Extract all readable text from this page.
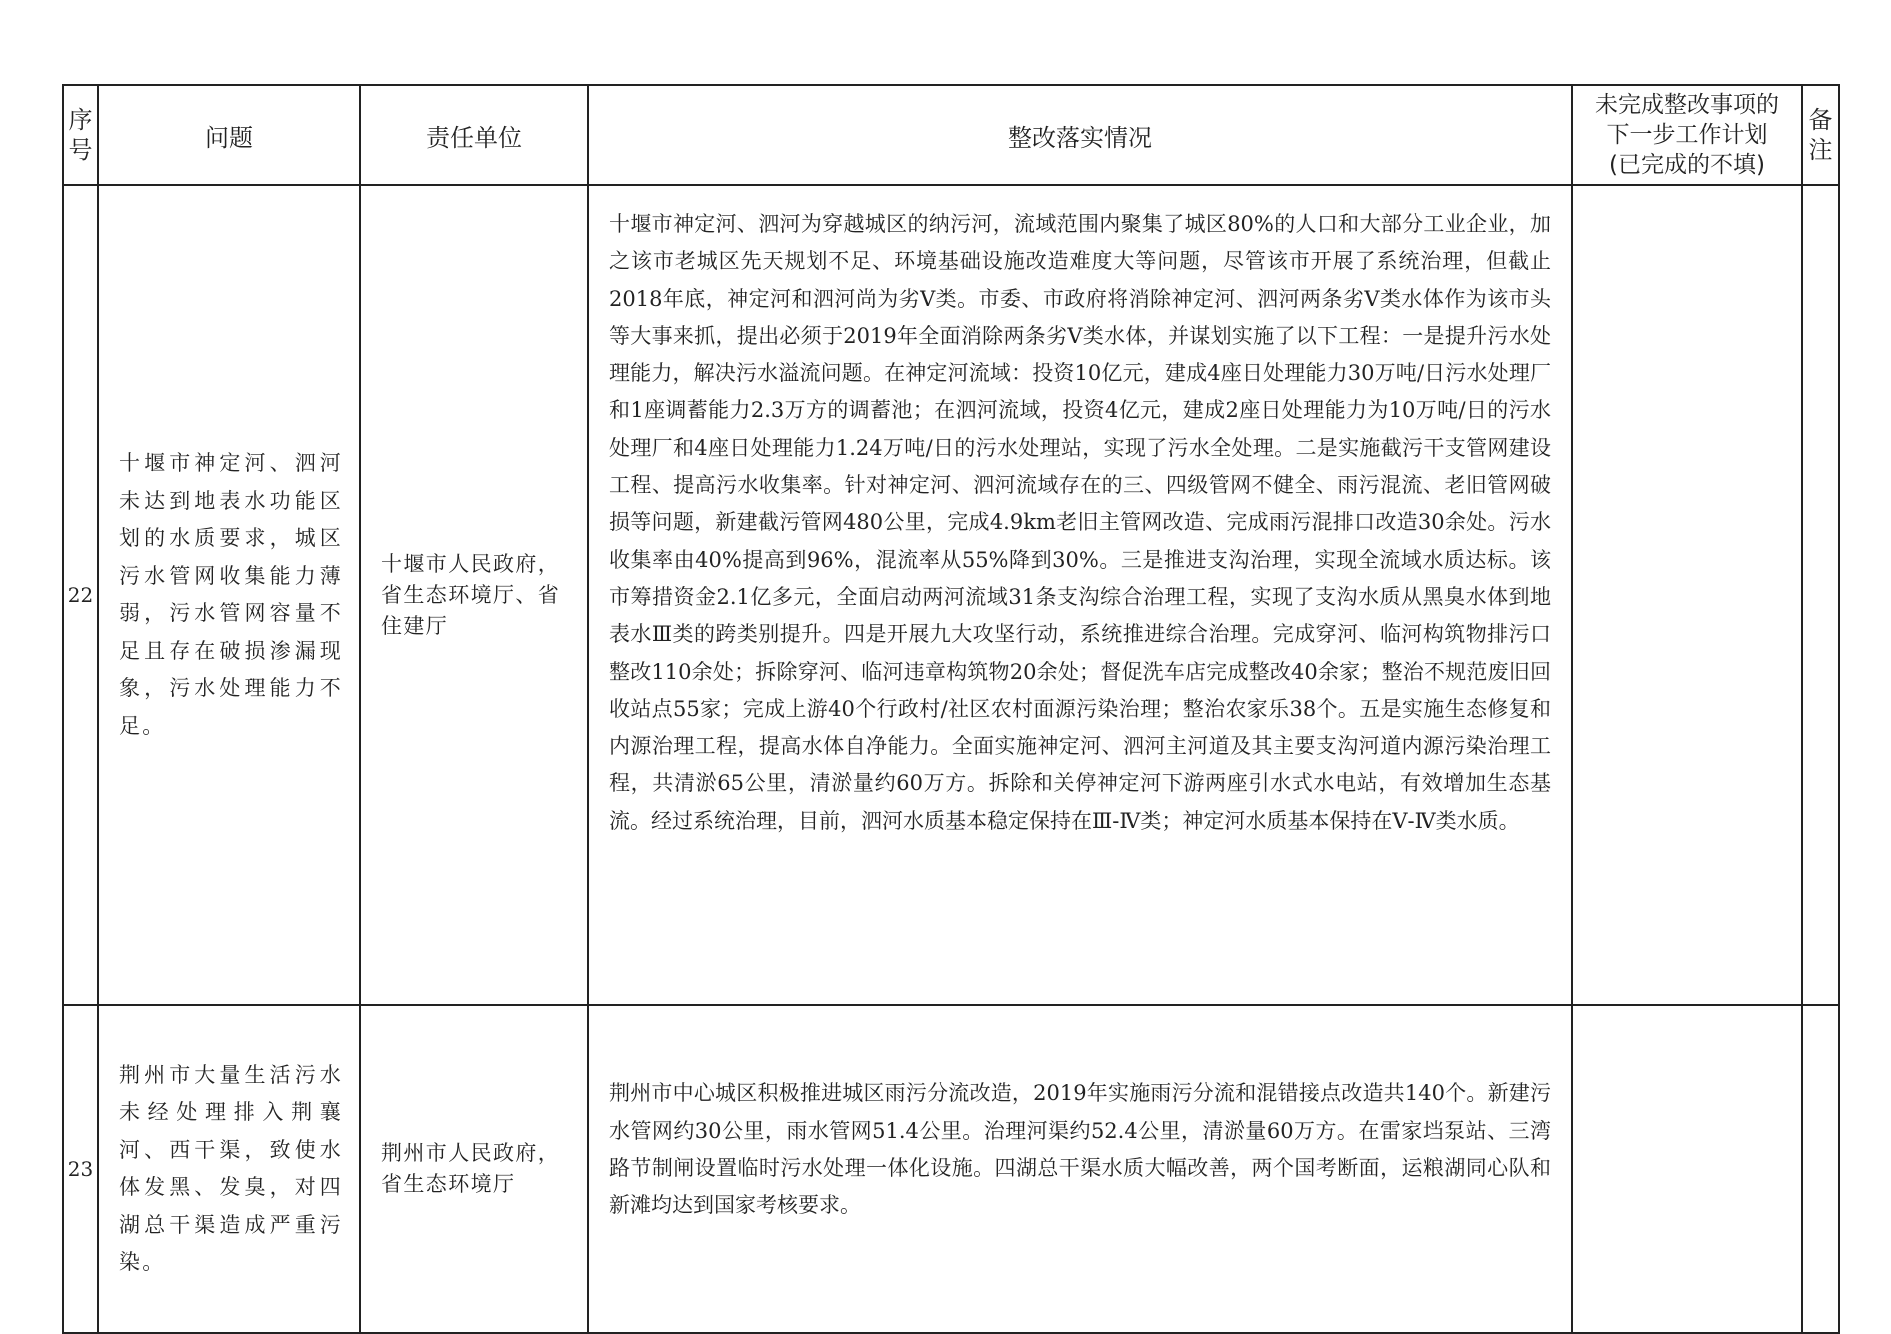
序号	问题	责任单位	整改落实情况	未完成整改事项的
下一步工作计划
(已完成的不填)	备注
22	十堰市神定河、泗河未达到地表水功能区划的水质要求，城区污水管网收集能力薄弱，污水管网容量不足且存在破损渗漏现象，污水处理能力不足。	十堰市人民政府，省生态环境厅、省住建厅	十堰市神定河、泗河为穿越城区的纳污河，流域范围内聚集了城区80%的人口和大部分工业企业，加之该市老城区先天规划不足、环境基础设施改造难度大等问题，尽管该市开展了系统治理，但截止2018年底，神定河和泗河尚为劣Ⅴ类。市委、市政府将消除神定河、泗河两条劣Ⅴ类水体作为该市头等大事来抓，提出必须于2019年全面消除两条劣Ⅴ类水体，并谋划实施了以下工程：一是提升污水处理能力，解决污水溢流问题。在神定河流域：投资10亿元，建成4座日处理能力30万吨/日污水处理厂和1座调蓄能力2.3万方的调蓄池；在泗河流域，投资4亿元，建成2座日处理能力为10万吨/日的污水处理厂和4座日处理能力1.24万吨/日的污水处理站，实现了污水全处理。二是实施截污干支管网建设工程、提高污水收集率。针对神定河、泗河流域存在的三、四级管网不健全、雨污混流、老旧管网破损等问题，新建截污管网480公里，完成4.9km老旧主管网改造、完成雨污混排口改造30余处。污水收集率由40%提高到96%，混流率从55%降到30%。三是推进支沟治理，实现全流域水质达标。该市筹措资金2.1亿多元，全面启动两河流域31条支沟综合治理工程，实现了支沟水质从黑臭水体到地表水Ⅲ类的跨类别提升。四是开展九大攻坚行动，系统推进综合治理。完成穿河、临河构筑物排污口整改110余处；拆除穿河、临河违章构筑物20余处；督促洗车店完成整改40余家；整治不规范废旧回收站点55家；完成上游40个行政村/社区农村面源污染治理；整治农家乐38个。五是实施生态修复和内源治理工程，提高水体自净能力。全面实施神定河、泗河主河道及其主要支沟河道内源污染治理工程，共清淤65公里，清淤量约60万方。拆除和关停神定河下游两座引水式水电站，有效增加生态基流。经过系统治理，目前，泗河水质基本稳定保持在Ⅲ-Ⅳ类；神定河水质基本保持在Ⅴ-Ⅳ类水质。		

23	荆州市大量生活污水未经处理排入荆襄河、西干渠，致使水体发黑、发臭，对四湖总干渠造成严重污染。	荆州市人民政府，省生态环境厅	荆州市中心城区积极推进城区雨污分流改造，2019年实施雨污分流和混错接点改造共140个。新建污水管网约30公里，雨水管网51.4公里。治理河渠约52.4公里，清淤量60万方。在雷家垱泵站、三湾路节制闸设置临时污水处理一体化设施。四湖总干渠水质大幅改善，两个国考断面，运粮湖同心队和新滩均达到国家考核要求。		
